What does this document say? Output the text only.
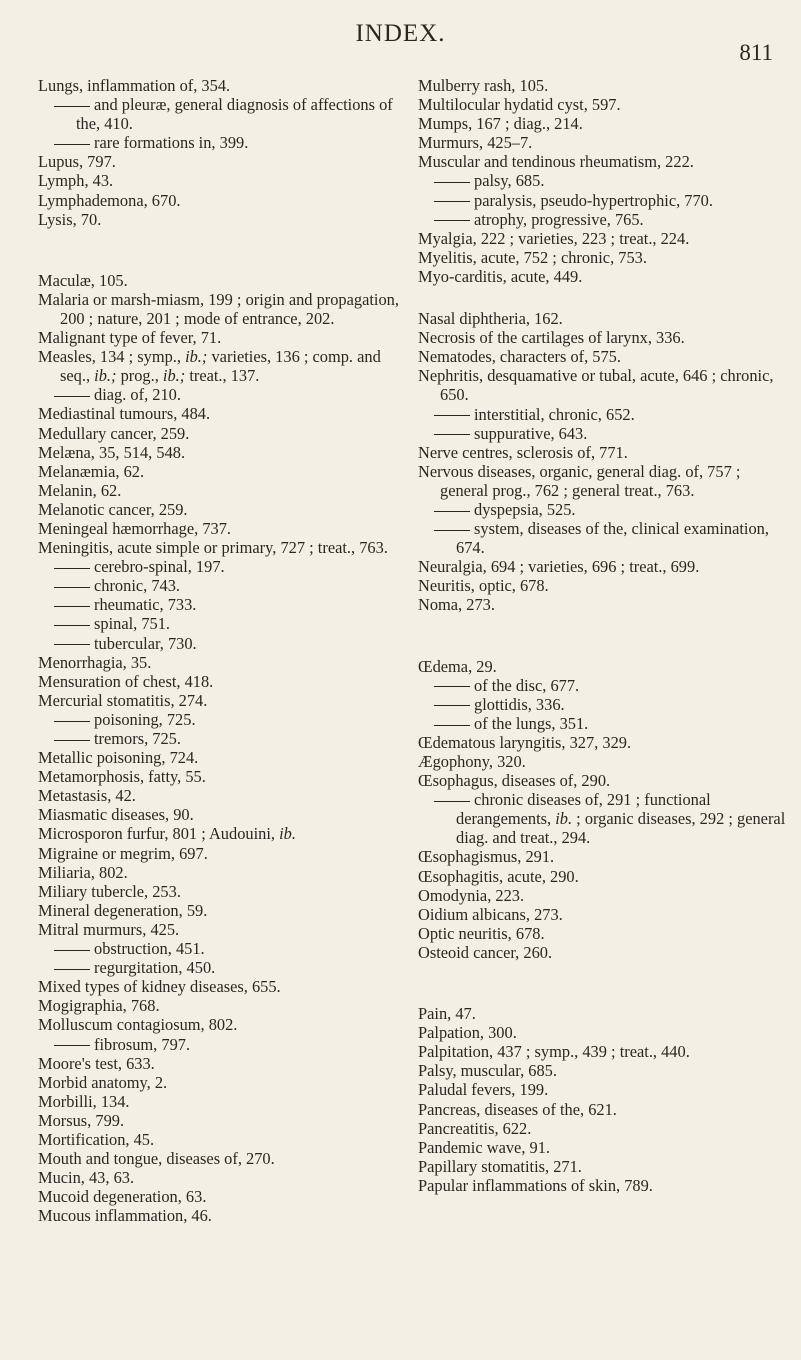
INDEX.
811

Lungs, inflammation of, 354.

and pleuræ, general diagnosis of affections of the, 410.

rare formations in, 399.

Lupus, 797.

Lymph, 43.

Lymphademona, 670.

Lysis, 70.

Maculæ, 105.

Malaria or marsh-miasm, 199 ; origin and propagation, 200 ; nature, 201 ; mode of entrance, 202.

Malignant type of fever, 71.

Measles, 134 ; symp., ib.; varieties, 136 ; comp. and seq., ib.; prog., ib.; treat., 137.

diag. of, 210.

Mediastinal tumours, 484.

Medullary cancer, 259.

Melæna, 35, 514, 548.

Melanæmia, 62.

Melanin, 62.

Melanotic cancer, 259.

Meningeal hæmorrhage, 737.

Meningitis, acute simple or primary, 727 ; treat., 763.

cerebro-spinal, 197.

chronic, 743.

rheumatic, 733.

spinal, 751.

tubercular, 730.

Menorrhagia, 35.

Mensuration of chest, 418.

Mercurial stomatitis, 274.

poisoning, 725.

tremors, 725.

Metallic poisoning, 724.

Metamorphosis, fatty, 55.

Metastasis, 42.

Miasmatic diseases, 90.

Microsporon furfur, 801 ; Audouini, ib.

Migraine or megrim, 697.

Miliaria, 802.

Miliary tubercle, 253.

Mineral degeneration, 59.

Mitral murmurs, 425.

obstruction, 451.

regurgitation, 450.

Mixed types of kidney diseases, 655.

Mogigraphia, 768.

Molluscum contagiosum, 802.

fibrosum, 797.

Moore's test, 633.

Morbid anatomy, 2.

Morbilli, 134.

Morsus, 799.

Mortification, 45.

Mouth and tongue, diseases of, 270.

Mucin, 43, 63.

Mucoid degeneration, 63.

Mucous inflammation, 46.

Mulberry rash, 105.

Multilocular hydatid cyst, 597.

Mumps, 167 ; diag., 214.

Murmurs, 425–7.

Muscular and tendinous rheumatism, 222.

palsy, 685.

paralysis, pseudo-hypertrophic, 770.

atrophy, progressive, 765.

Myalgia, 222 ; varieties, 223 ; treat., 224.

Myelitis, acute, 752 ; chronic, 753.

Myo-carditis, acute, 449.

Nasal diphtheria, 162.

Necrosis of the cartilages of larynx, 336.

Nematodes, characters of, 575.

Nephritis, desquamative or tubal, acute, 646 ; chronic, 650.

interstitial, chronic, 652.

suppurative, 643.

Nerve centres, sclerosis of, 771.

Nervous diseases, organic, general diag. of, 757 ; general prog., 762 ; general treat., 763.

dyspepsia, 525.

system, diseases of the, clinical examination, 674.

Neuralgia, 694 ; varieties, 696 ; treat., 699.

Neuritis, optic, 678.

Noma, 273.

Œdema, 29.

of the disc, 677.

glottidis, 336.

of the lungs, 351.

Œdematous laryngitis, 327, 329.

Ægophony, 320.

Œsophagus, diseases of, 290.

chronic diseases of, 291 ; functional derangements, ib. ; organic diseases, 292 ; general diag. and treat., 294.

Œsophagismus, 291.

Œsophagitis, acute, 290.

Omodynia, 223.

Oidium albicans, 273.

Optic neuritis, 678.

Osteoid cancer, 260.

Pain, 47.

Palpation, 300.

Palpitation, 437 ; symp., 439 ; treat., 440.

Palsy, muscular, 685.

Paludal fevers, 199.

Pancreas, diseases of the, 621.

Pancreatitis, 622.

Pandemic wave, 91.

Papillary stomatitis, 271.

Papular inflammations of skin, 789.
